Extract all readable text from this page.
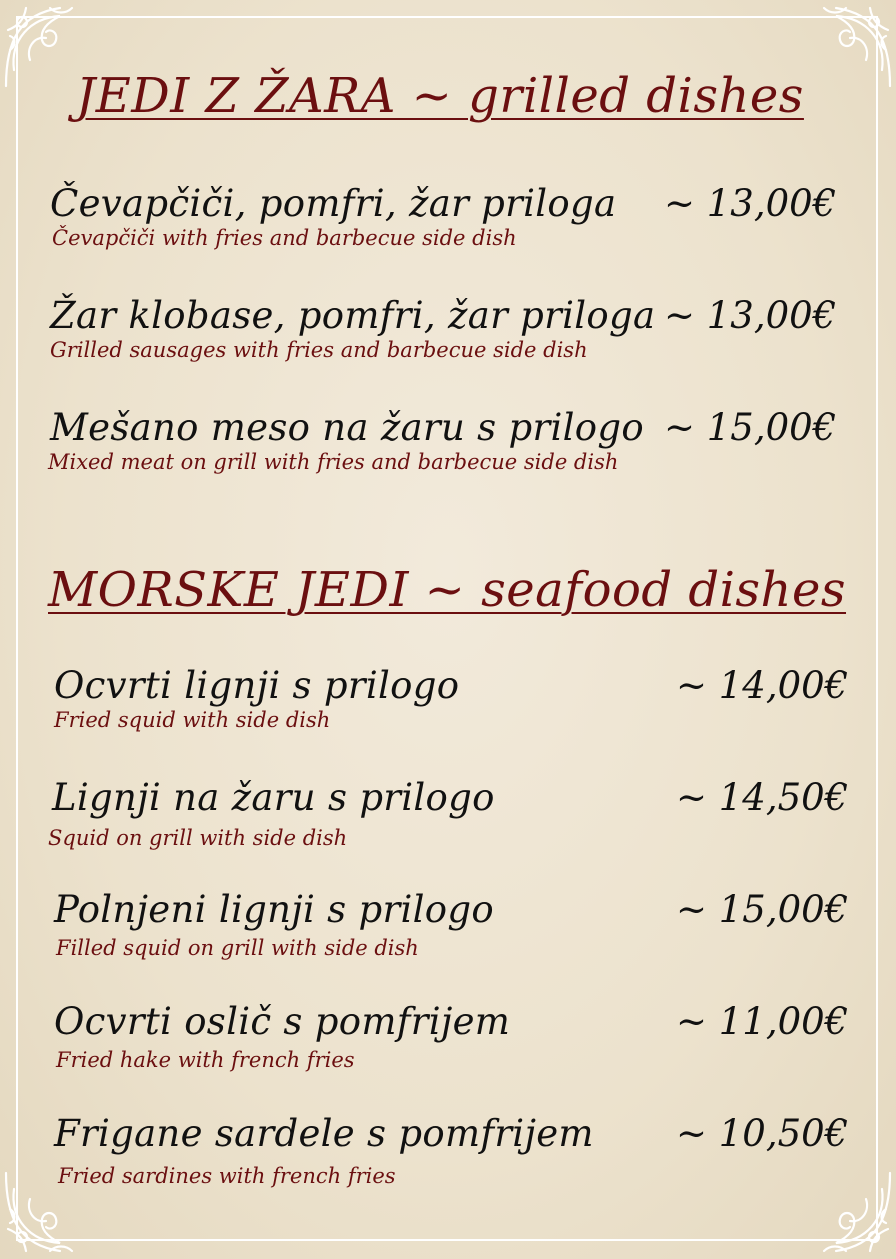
JEDI Z ŽARA ~ grilled dishes
Čevapčiči, pomfri, žar priloga
Čevapčiči with fries and barbecue side dish
~ 13,00€
Žar klobase, pomfri, žar priloga
Grilled sausages with fries and barbecue side dish
~ 13,00€
Mešano meso na žaru s prilogo
Mixed meat on grill with fries and barbecue side dish
~ 15,00€
MORSKE JEDI ~ seafood dishes
Ocvrti lignji s prilogo
Fried squid with side dish
~ 14,00€
Lignji na žaru s prilogo
Squid on grill with side dish
~ 14,50€
Polnjeni lignji s prilogo
Filled squid on grill with side dish
~ 15,00€
Ocvrti oslič s pomfrijem
Fried hake with french fries
~ 11,00€
Frigane sardele s pomfrijem
Fried sardines with french fries
~ 10,50€
